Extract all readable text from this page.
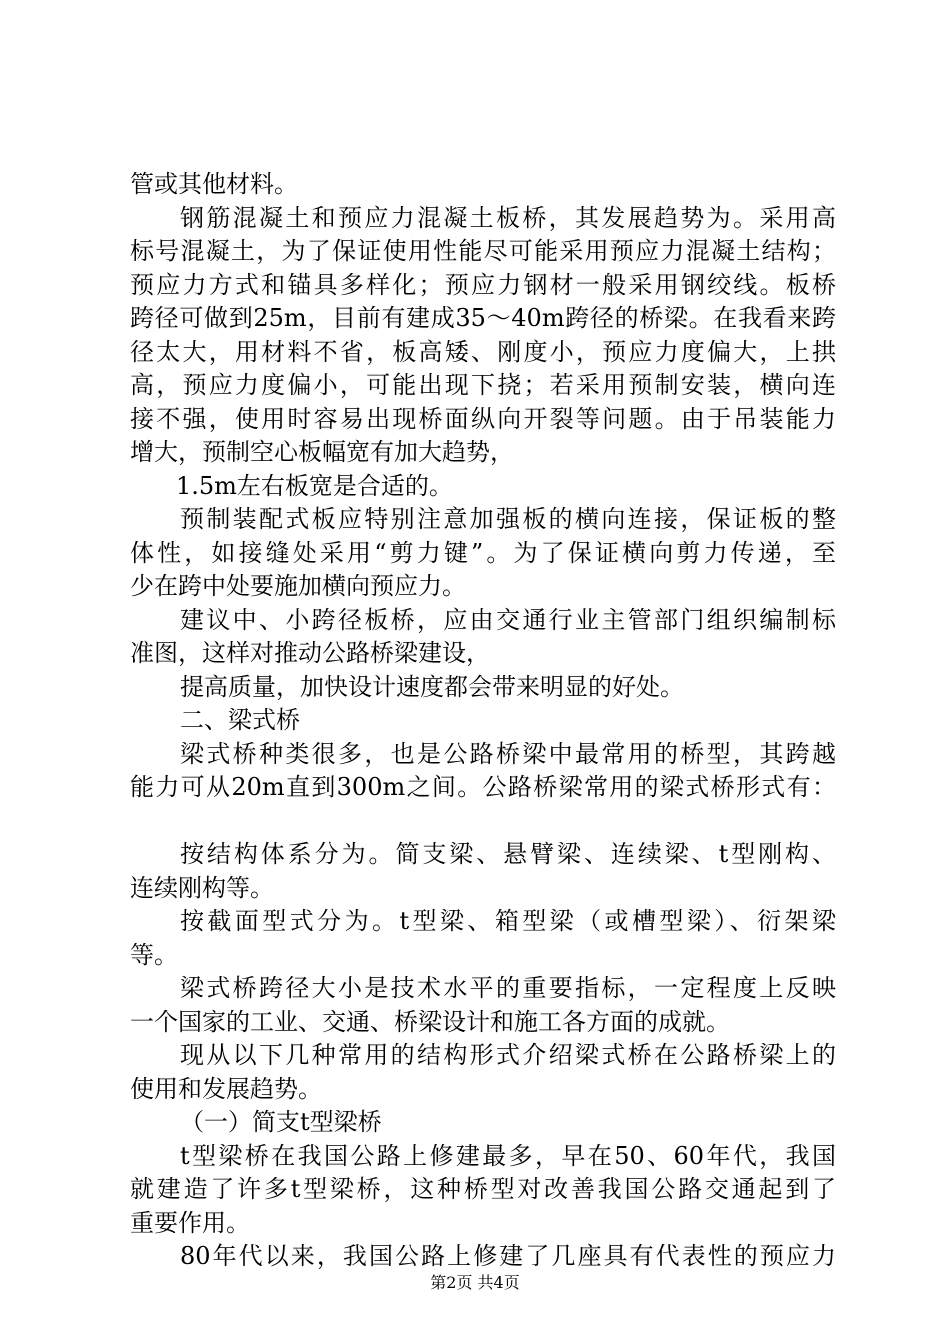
管或其他材料。
钢筋混凝土和预应力混凝土板桥，其发展趋势为。采用高
标号混凝土，为了保证使用性能尽可能采用预应力混凝土结构；
预应力方式和锚具多样化；预应力钢材一般采用钢绞线。板桥
跨径可做到25m，目前有建成35～40m跨径的桥梁。在我看来跨
径太大，用材料不省，板高矮、刚度小，预应力度偏大，上拱
高，预应力度偏小，可能出现下挠；若采用预制安装，横向连
接不强，使用时容易出现桥面纵向开裂等问题。由于吊装能力
增大，预制空心板幅宽有加大趋势，
1.5m左右板宽是合适的。
预制装配式板应特别注意加强板的横向连接，保证板的整
体性，如接缝处采用“剪力键”。为了保证横向剪力传递，至
少在跨中处要施加横向预应力。
建议中、小跨径板桥，应由交通行业主管部门组织编制标
准图，这样对推动公路桥梁建设，
提高质量，加快设计速度都会带来明显的好处。
二、梁式桥
梁式桥种类很多，也是公路桥梁中最常用的桥型，其跨越
能力可从20m直到300m之间。公路桥梁常用的梁式桥形式有：
按结构体系分为。简支梁、悬臂梁、连续梁、t型刚构、
连续刚构等。
按截面型式分为。t型梁、箱型梁（或槽型梁）、衍架梁
等。
梁式桥跨径大小是技术水平的重要指标，一定程度上反映
一个国家的工业、交通、桥梁设计和施工各方面的成就。
现从以下几种常用的结构形式介绍梁式桥在公路桥梁上的
使用和发展趋势。
（一）简支t型梁桥
t型梁桥在我国公路上修建最多，早在50、60年代，我国
就建造了许多t型梁桥，这种桥型对改善我国公路交通起到了
重要作用。
80年代以来，我国公路上修建了几座具有代表性的预应力
第2页 共4页
